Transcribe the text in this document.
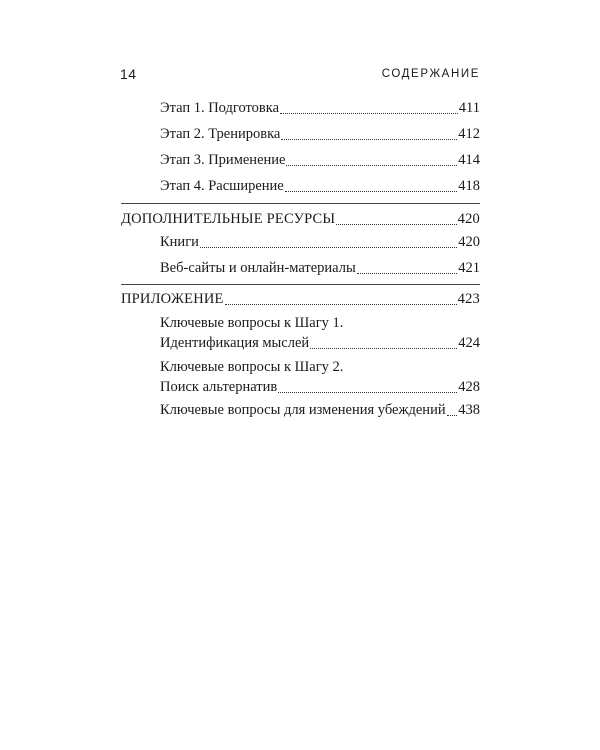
14	СОДЕРЖАНИЕ
Этап 1. Подготовка	411
Этап 2. Тренировка	412
Этап 3. Применение	414
Этап 4. Расширение	418
ДОПОЛНИТЕЛЬНЫЕ РЕСУРСЫ	420
Книги	420
Веб-сайты и онлайн-материалы	421
ПРИЛОЖЕНИЕ	423
Ключевые вопросы к Шагу 1.
Идентификация мыслей	424
Ключевые вопросы к Шагу 2.
Поиск альтернатив	428
Ключевые вопросы для изменения убеждений 438
